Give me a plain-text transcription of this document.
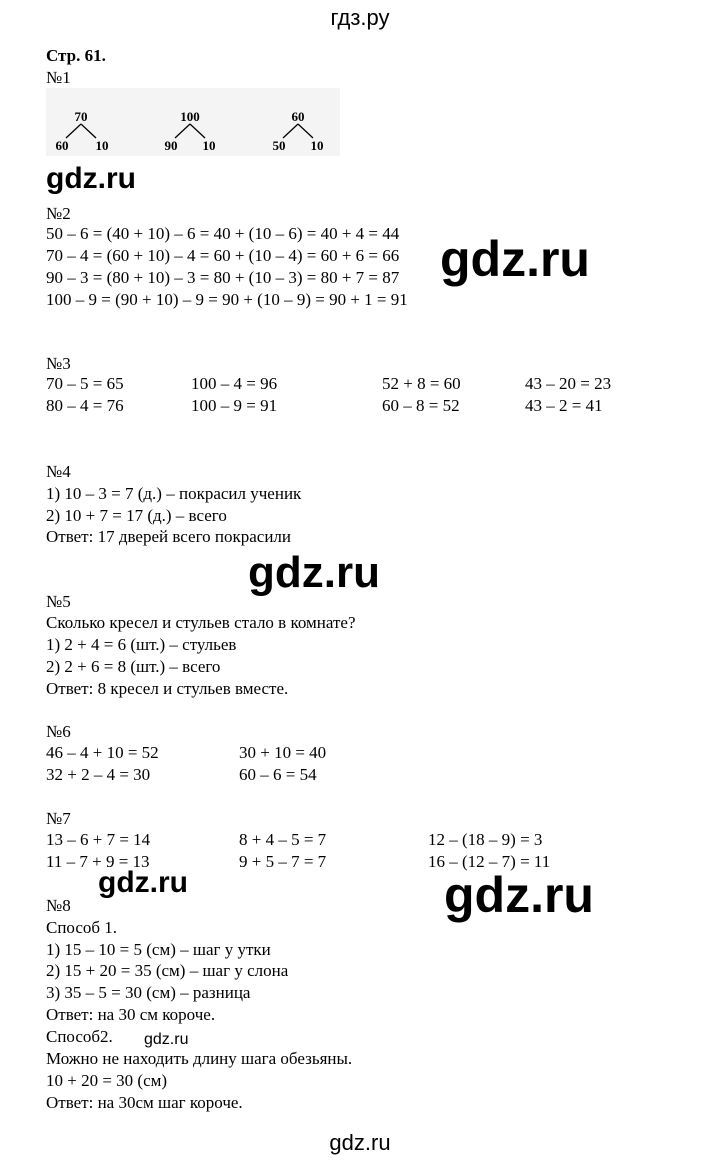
гдз.ру
Стр. 61.
№1
70
60 10
100
90 10
60
50 10
gdz.ru
№2
50 – 6 = (40 + 10) – 6 = 40 + (10 – 6) = 40 + 4 = 44
70 – 4 = (60 + 10) – 4 = 60 + (10 – 4) = 60 + 6 = 66
90 – 3 = (80 + 10) – 3 = 80 + (10 – 3) = 80 + 7 = 87
100 – 9 = (90 + 10) – 9 = 90 + (10 – 9) = 90 + 1 = 91
gdz.ru
№3
70 – 5 = 65	100 – 4 = 96	52 + 8 = 60	43 – 20 = 23
80 – 4 = 76	100 – 9 = 91	60 – 8 = 52	43 – 2 = 41
№4
1) 10 – 3 = 7 (д.) – покрасил ученик
2) 10 + 7 = 17 (д.) – всего
Ответ: 17 дверей всего покрасили
gdz.ru
№5
Сколько кресел и стульев стало в комнате?
1) 2 + 4 = 6 (шт.) – стульев
2) 2 + 6 = 8 (шт.) – всего
Ответ: 8 кресел и стульев вместе.
№6
46 – 4 + 10 = 52	30 + 10 = 40
32 + 2 – 4 = 30	60 – 6 = 54
№7
13 – 6 + 7 = 14	8 + 4 – 5 = 7	12 – (18 – 9) = 3
11 – 7 + 9 = 13	9 + 5 – 7 = 7	16 – (12 – 7) = 11
gdz.ru	gdz.ru
№8
Способ 1.
1) 15 – 10 = 5 (см) – шаг у утки
2) 15 + 20 = 35 (см) – шаг у слона
3) 35 – 5 = 30 (см) – разница
Ответ: на 30 см короче.
Способ2.
Можно не находить длину шага обезьяны.
10 + 20 = 30 (см)
Ответ: на 30см шаг короче.
gdz.ru
gdz.ru
